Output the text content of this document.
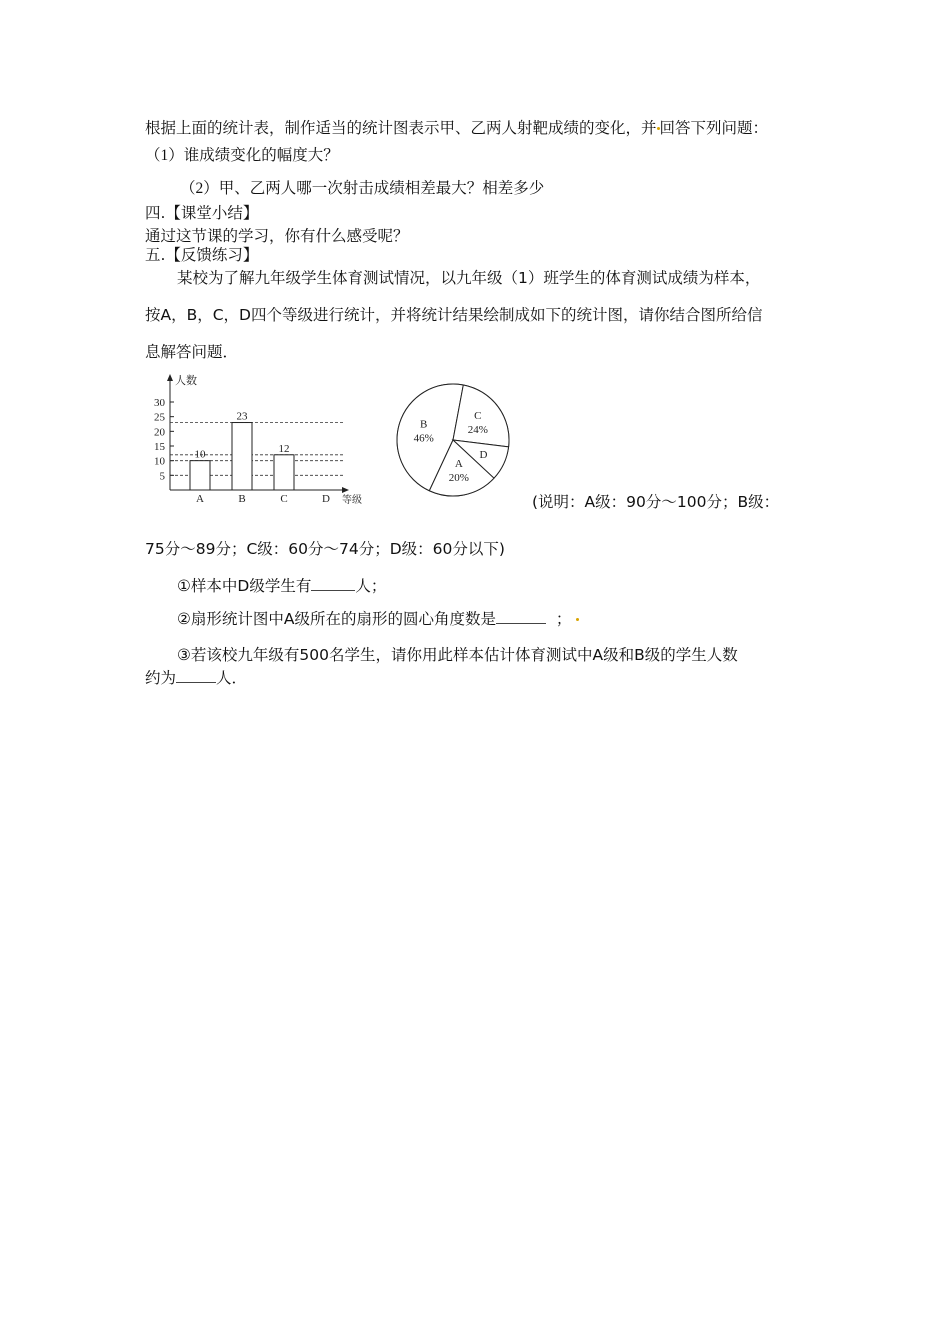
根据上面的统计表，制作适当的统计图表示甲、乙两人射靶成绩的变化，并 回答下列问题：
（1）谁成绩变化的幅度大？
（2）甲、乙两人哪一次射击成绩相差最大？相差多少
四.【课堂小结】
通过这节课的学习，你有什么感受呢？
五.【反馈练习】
某校为了解九年级学生体育测试情况，以九年级（1）班学生的体育测试成绩为样本，
按A，B，C，D四个等级进行统计，并将统计结果绘制成如下的统计图，请你结合图所给信
息解答问题．
人数
等级
5
10
15
20
25
30
10
A
23
B
12
C	D
B
46%
C
24%
D
A
20%
(说明：A级：90分～100分；B级：
75分～89分；C级：60分～74分；D级：60分以下)
①样本中D级学生有	人；
②扇形统计图中A级所在的扇形的圆心角度数是	；
③若该校九年级有500名学生，请你用此样本估计体育测试中A级和B级的学生人数
约为	人．
